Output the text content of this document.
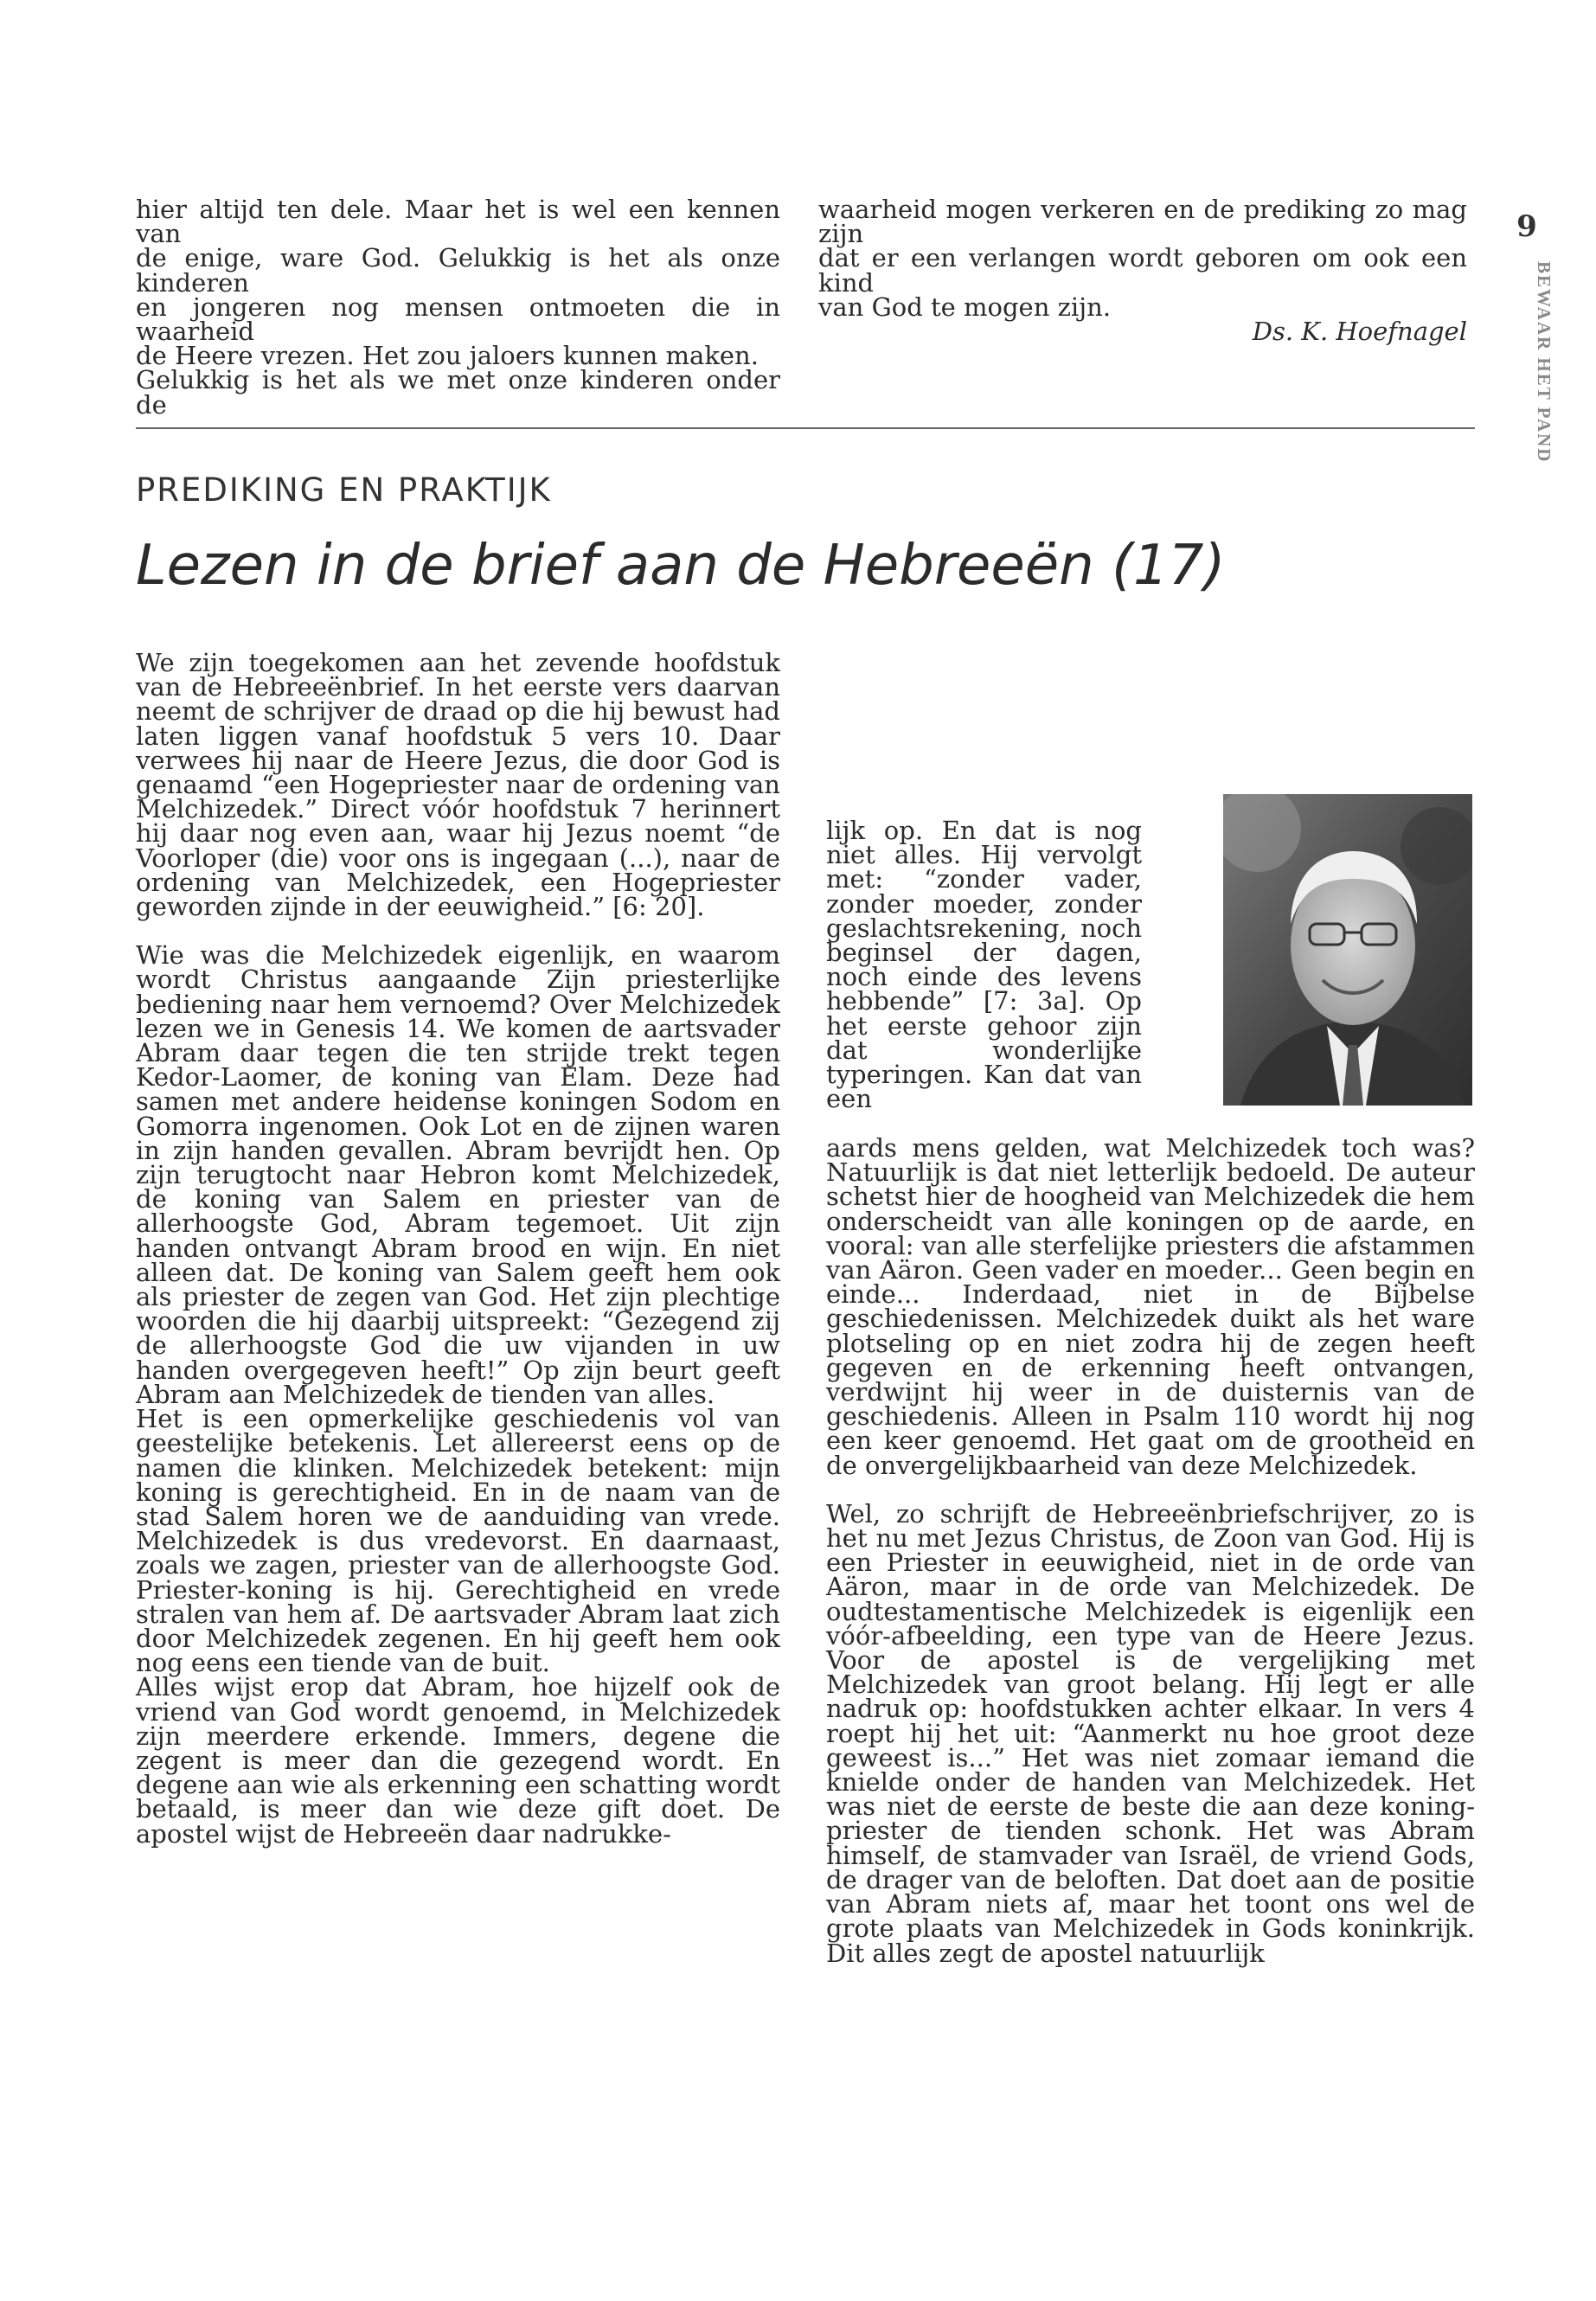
9
BEWAAR HET PAND

hier altijd ten dele. Maar het is wel een kennen van

de enige, ware God. Gelukkig is het als onze kinderen

en jongeren nog mensen ontmoeten die in waarheid

de Heere vrezen. Het zou jaloers kunnen maken.

Gelukkig is het als we met onze kinderen onder de

waarheid mogen verkeren en de prediking zo mag zijn

dat er een verlangen wordt geboren om ook een kind

van God te mogen zijn.

Ds. K. Hoefnagel

PREDIKING EN PRAKTIJK
Lezen in de brief aan de Hebreeën (17)

We zijn toegekomen aan het zevende hoofdstuk van de Hebreeënbrief. In het eerste vers daarvan neemt de schrijver de draad op die hij bewust had laten liggen vanaf hoofdstuk 5 vers 10. Daar verwees hij naar de Heere Jezus, die door God is genaamd “een Hogepriester naar de ordening van Melchizedek.” Direct vóór hoofdstuk 7 herinnert hij daar nog even aan, waar hij Jezus noemt “de Voorloper (die) voor ons is ingegaan (...), naar de ordening van Melchizedek, een Hogepriester geworden zijnde in der eeuwigheid.” [6: 20].

Wie was die Melchizedek eigenlijk, en waarom wordt Christus aangaande Zijn priesterlijke bediening naar hem vernoemd? Over Melchizedek lezen we in Genesis 14. We komen de aartsvader Abram daar tegen die ten strijde trekt tegen Kedor-Laomer, de koning van Elam. Deze had samen met andere heidense koningen Sodom en Gomorra ingenomen. Ook Lot en de zijnen waren in zijn handen gevallen. Abram bevrijdt hen. Op zijn terugtocht naar Hebron komt Melchizedek, de koning van Salem en priester van de allerhoogste God, Abram tegemoet. Uit zijn handen ontvangt Abram brood en wijn. En niet alleen dat. De koning van Salem geeft hem ook als priester de zegen van God. Het zijn plechtige woorden die hij daarbij uitspreekt: “Gezegend zij de allerhoogste God die uw vijanden in uw handen overgegeven heeft!” Op zijn beurt geeft Abram aan Melchizedek de tienden van alles.

Het is een opmerkelijke geschiedenis vol van geestelijke betekenis. Let allereerst eens op de namen die klinken. Melchizedek betekent: mijn koning is gerechtigheid. En in de naam van de stad Salem horen we de aanduiding van vrede. Melchizedek is dus vredevorst. En daarnaast, zoals we zagen, priester van de allerhoogste God. Priester-koning is hij. Gerechtigheid en vrede stralen van hem af. De aartsvader Abram laat zich door Melchizedek zegenen. En hij geeft hem ook nog eens een tiende van de buit.

Alles wijst erop dat Abram, hoe hijzelf ook de vriend van God wordt genoemd, in Melchizedek zijn meerdere erkende. Immers, degene die zegent is meer dan die gezegend wordt. En degene aan wie als erkenning een schatting wordt betaald, is meer dan wie deze gift doet. De apostel wijst de Hebreeën daar nadrukke-

lijk op. En dat is nog niet alles. Hij vervolgt met: “zonder vader, zonder moeder, zonder geslachtsrekening, noch beginsel der dagen, noch einde des levens hebbende” [7: 3a]. Op het eerste gehoor zijn dat wonderlijke typeringen. Kan dat van een

aards mens gelden, wat Melchizedek toch was? Natuurlijk is dat niet letterlijk bedoeld. De auteur schetst hier de hoogheid van Melchizedek die hem onderscheidt van alle koningen op de aarde, en vooral: van alle sterfelijke priesters die afstammen van Aäron. Geen vader en moeder... Geen begin en einde... Inderdaad, niet in de Bijbelse geschiedenissen. Melchizedek duikt als het ware plotseling op en niet zodra hij de zegen heeft gegeven en de erkenning heeft ontvangen, verdwijnt hij weer in de duisternis van de geschiedenis. Alleen in Psalm 110 wordt hij nog een keer genoemd. Het gaat om de grootheid en de onvergelijkbaarheid van deze Melchizedek.

Wel, zo schrijft de Hebreeënbriefschrijver, zo is het nu met Jezus Christus, de Zoon van God. Hij is een Priester in eeuwigheid, niet in de orde van Aäron, maar in de orde van Melchizedek. De oudtestamentische Melchizedek is eigenlijk een vóór-afbeelding, een type van de Heere Jezus. Voor de apostel is de vergelijking met Melchizedek van groot belang. Hij legt er alle nadruk op: hoofdstukken achter elkaar. In vers 4 roept hij het uit: “Aanmerkt nu hoe groot deze geweest is...” Het was niet zomaar iemand die knielde onder de handen van Melchizedek. Het was niet de eerste de beste die aan deze koning-priester de tienden schonk. Het was Abram himself, de stamvader van Israël, de vriend Gods, de drager van de beloften. Dat doet aan de positie van Abram niets af, maar het toont ons wel de grote plaats van Melchizedek in Gods koninkrijk. Dit alles zegt de apostel natuurlijk
